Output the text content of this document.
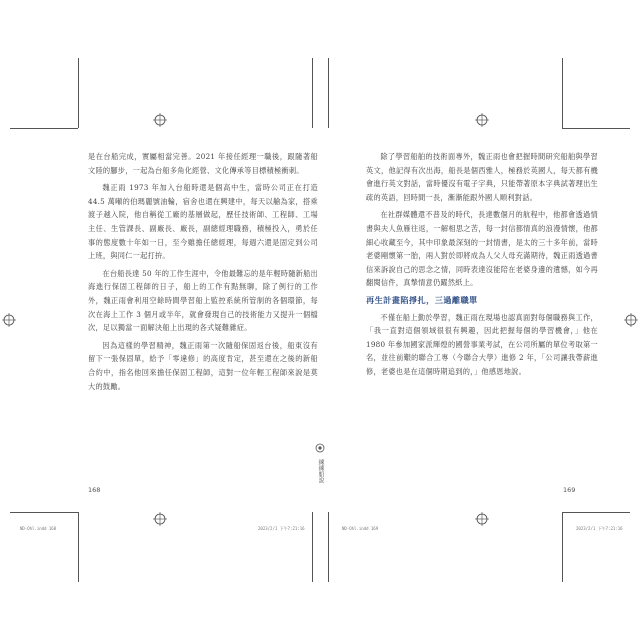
是在台船完成，實屬相當完善。2021 年接任經理一職後，跟隨著船文陸的腳步，一起為台船多角化經營、文化傳承等目標積極衝刺。

魏正雨 1973 年加入台船時還是個高中生，當時公司正在打造 44.5 萬噸的伯瑪麗號油輪，宿舍也還在興建中，每天以艙為家，搭乘渡子越入院，他自稱從工廠的基層做起，歷任技術師、工程師、工場主任、生管課長、副廠長、廠長，副總經理職務，積極投入，勇於任事的態度數十年如一日，至今雖擔任總經理，每週六還是固定到公司上班，與同仁一起打拚。

在台船長達 50 年的工作生涯中，令他最難忘的是年輕時隨新船出海進行保固工程師的日子，船上的工作有點無聊，除了例行的工作外，魏正雨會利用空餘時間學習船上監控系統所管制的各個環節，每次在海上工作 3 個月或半年，就會發現自己的技術能力又提升一個檔次，足以獨當一面解決船上出現的各式疑難雜症。

因為這樣的學習精神，魏正雨第一次隨船保固返台後，船東沒有留下一張保固單，給予「零違修」的高度肯定，甚至還在之後的新船合約中，指名他回來擔任保固工程師，這對一位年輕工程師來說是莫大的鼓勵。

168

除了學習船舶的技術面專外，魏正雨也會把握時間研究船舶與學習英文，他記得有次出海，船長是個西雅人，極務於英國人，每天都有機會進行英文對話，當時優沒有電子字典，只能帶著原本字典試著理出生疏的英語，回時間一長，漸漸能跟外國人順利對話。

在社群媒體還不普及的時代，長達數個月的航程中，他都會透過情書與夫人魚雁往返，一解相思之苦，每一封信都情真的浪漫情懷，他都細心收藏至今，其中印象最深刻的一封情書，是太的三十多年前，當時老婆剛懷第一胎，兩人對於即將成為人父人母充滿期待，魏正雨透過書信來訴說自己的思念之情，同時表達沒能陪在老婆身邊的遺憾，如今再翻閱信件，真摯情意仍躍然紙上。

再生計畫陷掙扎，三過離職單

不僅在船上勤於學習，魏正雨在現場也認真面對每個職務與工作，「我一直對這個領域很很有興趣，因此把握每個的學習機會，」他在 1980 年參加國家派輝煌的國營事業考試，在公司所屬的單位考取第一名，並往前艱的聯合工專（今聯合大學）進修 2 年，「公司讓我帶薪進修，老婆也是在這個時期追到的，」他感恩地說。

169
練練船說
ND-Ohl.indd 168	2023/2/1 下午7:21:16	ND-Ohl.indd 169	2023/2/1 下午7:21:16
